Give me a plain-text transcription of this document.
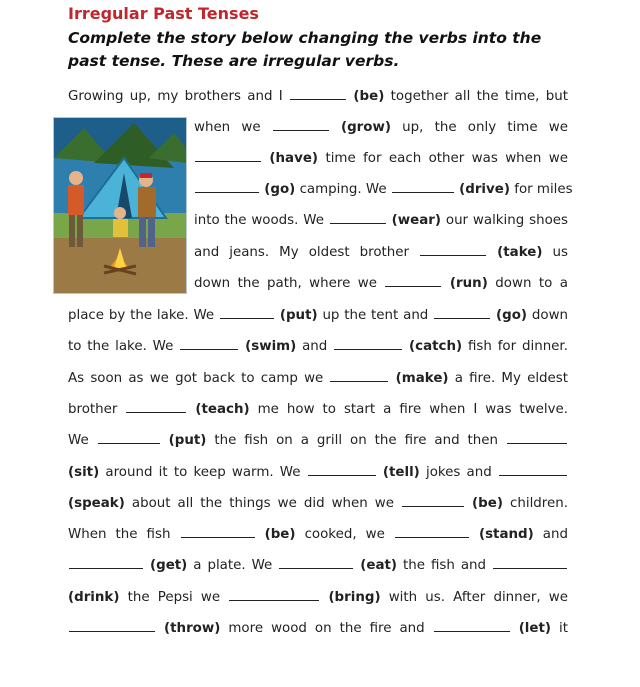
Irregular Past Tenses
Complete the story below changing the verbs into the past tense. These are irregular verbs.
Growing up, my brothers and I	(be) together all the time, but
when we	(grow) up, the only time we
(have) time for each other was when we
(go) camping. We	(drive) for miles
into the woods. We	(wear) our walking shoes
and jeans. My oldest brother	(take) us
down the path, where we	(run) down to a
place by the lake. We	(put) up the tent and	(go) down
to the lake. We	(swim) and	(catch) fish for dinner.
As soon as we got back to camp we	(make) a fire. My eldest
brother	(teach) me how to start a fire when I was twelve.
We	(put) the fish on a grill on the fire and then
(sit) around it to keep warm. We	(tell) jokes and
(speak) about all the things we did when we	(be) children.
When the fish	(be) cooked, we	(stand) and
(get) a plate. We	(eat) the fish and
(drink) the Pepsi we	(bring) with us. After dinner, we
(throw) more wood on the fire and	(let) it
